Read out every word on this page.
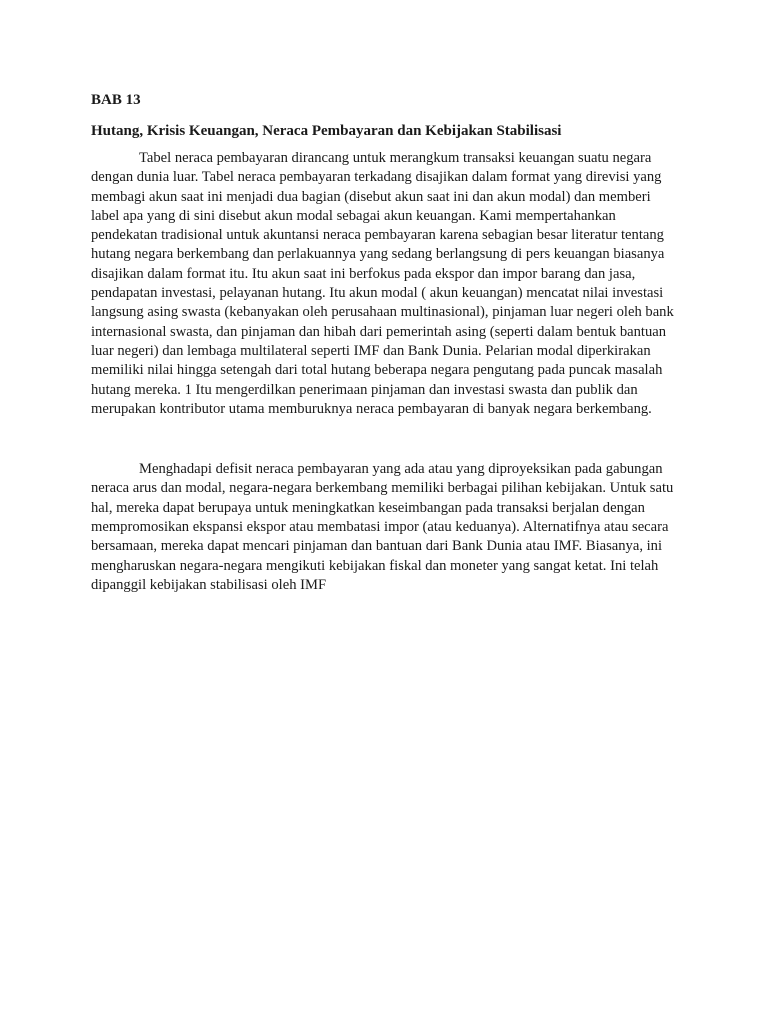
BAB 13
Hutang, Krisis Keuangan, Neraca Pembayaran dan Kebijakan Stabilisasi

Tabel neraca pembayaran dirancang untuk merangkum transaksi keuangan suatu negara dengan dunia luar. Tabel neraca pembayaran terkadang disajikan dalam format yang direvisi yang membagi akun saat ini menjadi dua bagian (disebut akun saat ini dan akun modal) dan memberi label apa yang di sini disebut akun modal sebagai akun keuangan. Kami mempertahankan pendekatan tradisional untuk akuntansi neraca pembayaran karena sebagian besar literatur tentang hutang negara berkembang dan perlakuannya yang sedang berlangsung di pers keuangan biasanya disajikan dalam format itu. Itu akun saat ini berfokus pada ekspor dan impor barang dan jasa, pendapatan investasi, pelayanan hutang. Itu akun modal ( akun keuangan) mencatat nilai investasi langsung asing swasta (kebanyakan oleh perusahaan multinasional), pinjaman luar negeri oleh bank internasional swasta, dan pinjaman dan hibah dari pemerintah asing (seperti dalam bentuk bantuan luar negeri) dan lembaga multilateral seperti IMF dan Bank Dunia. Pelarian modal diperkirakan memiliki nilai hingga setengah dari total hutang beberapa negara pengutang pada puncak masalah hutang mereka. 1 Itu mengerdilkan penerimaan pinjaman dan investasi swasta dan publik dan merupakan kontributor utama memburuknya neraca pembayaran di banyak negara berkembang.

Menghadapi defisit neraca pembayaran yang ada atau yang diproyeksikan pada gabungan neraca arus dan modal, negara-negara berkembang memiliki berbagai pilihan kebijakan. Untuk satu hal, mereka dapat berupaya untuk meningkatkan keseimbangan pada transaksi berjalan dengan mempromosikan ekspansi ekspor atau membatasi impor (atau keduanya). Alternatifnya atau secara bersamaan, mereka dapat mencari pinjaman dan bantuan dari Bank Dunia atau IMF. Biasanya, ini mengharuskan negara-negara mengikuti kebijakan fiskal dan moneter yang sangat ketat. Ini telah dipanggil kebijakan stabilisasi oleh IMF
